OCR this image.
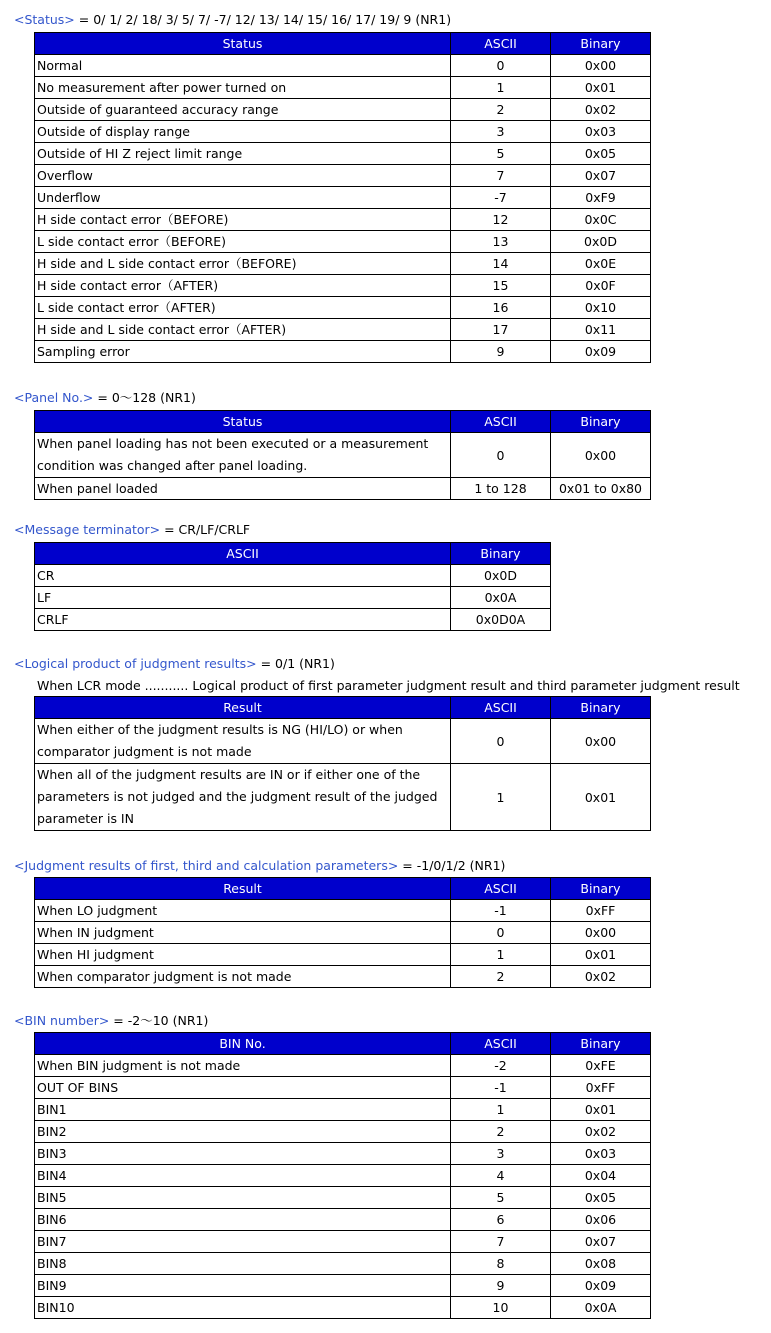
<Status> = 0/ 1/ 2/ 18/ 3/ 5/ 7/ -7/ 12/ 13/ 14/ 15/ 16/ 17/ 19/ 9 (NR1)
Status	ASCII	Binary
Normal	0	0x00
No measurement after power turned on	1	0x01
Outside of guaranteed accuracy range	2	0x02
Outside of display range	3	0x03
Outside of HI Z reject limit range	5	0x05
Overflow	7	0x07
Underflow	-7	0xF9
H side contact error（BEFORE)	12	0x0C
L side contact error（BEFORE)	13	0x0D
H side and L side contact error（BEFORE)	14	0x0E
H side contact error（AFTER)	15	0x0F
L side contact error（AFTER)	16	0x10
H side and L side contact error（AFTER)	17	0x11
Sampling error	9	0x09
<Panel No.> = 0～128 (NR1)
Status	ASCII	Binary
When panel loading has not been executed or a measurement condition was changed after panel loading.	0	0x00
When panel loaded	1 to 128	0x01 to 0x80
<Message terminator> = CR/LF/CRLF
ASCII	Binary
CR	0x0D
LF	0x0A
CRLF	0x0D0A
<Logical product of judgment results> = 0/1 (NR1)
When LCR mode ........... Logical product of first parameter judgment result and third parameter judgment result
Result	ASCII	Binary
When either of the judgment results is NG (HI/LO) or when comparator judgment is not made	0	0x00
When all of the judgment results are IN or if either one of the parameters is not judged and the judgment result of the judged parameter is IN	1	0x01
<Judgment results of first, third and calculation parameters> = -1/0/1/2 (NR1)
Result	ASCII	Binary
When LO judgment	-1	0xFF
When IN judgment	0	0x00
When HI judgment	1	0x01
When comparator judgment is not made	2	0x02
<BIN number> = -2～10 (NR1)
BIN No.	ASCII	Binary
When BIN judgment is not made	-2	0xFE
OUT OF BINS	-1	0xFF
BIN1	1	0x01
BIN2	2	0x02
BIN3	3	0x03
BIN4	4	0x04
BIN5	5	0x05
BIN6	6	0x06
BIN7	7	0x07
BIN8	8	0x08
BIN9	9	0x09
BIN10	10	0x0A
